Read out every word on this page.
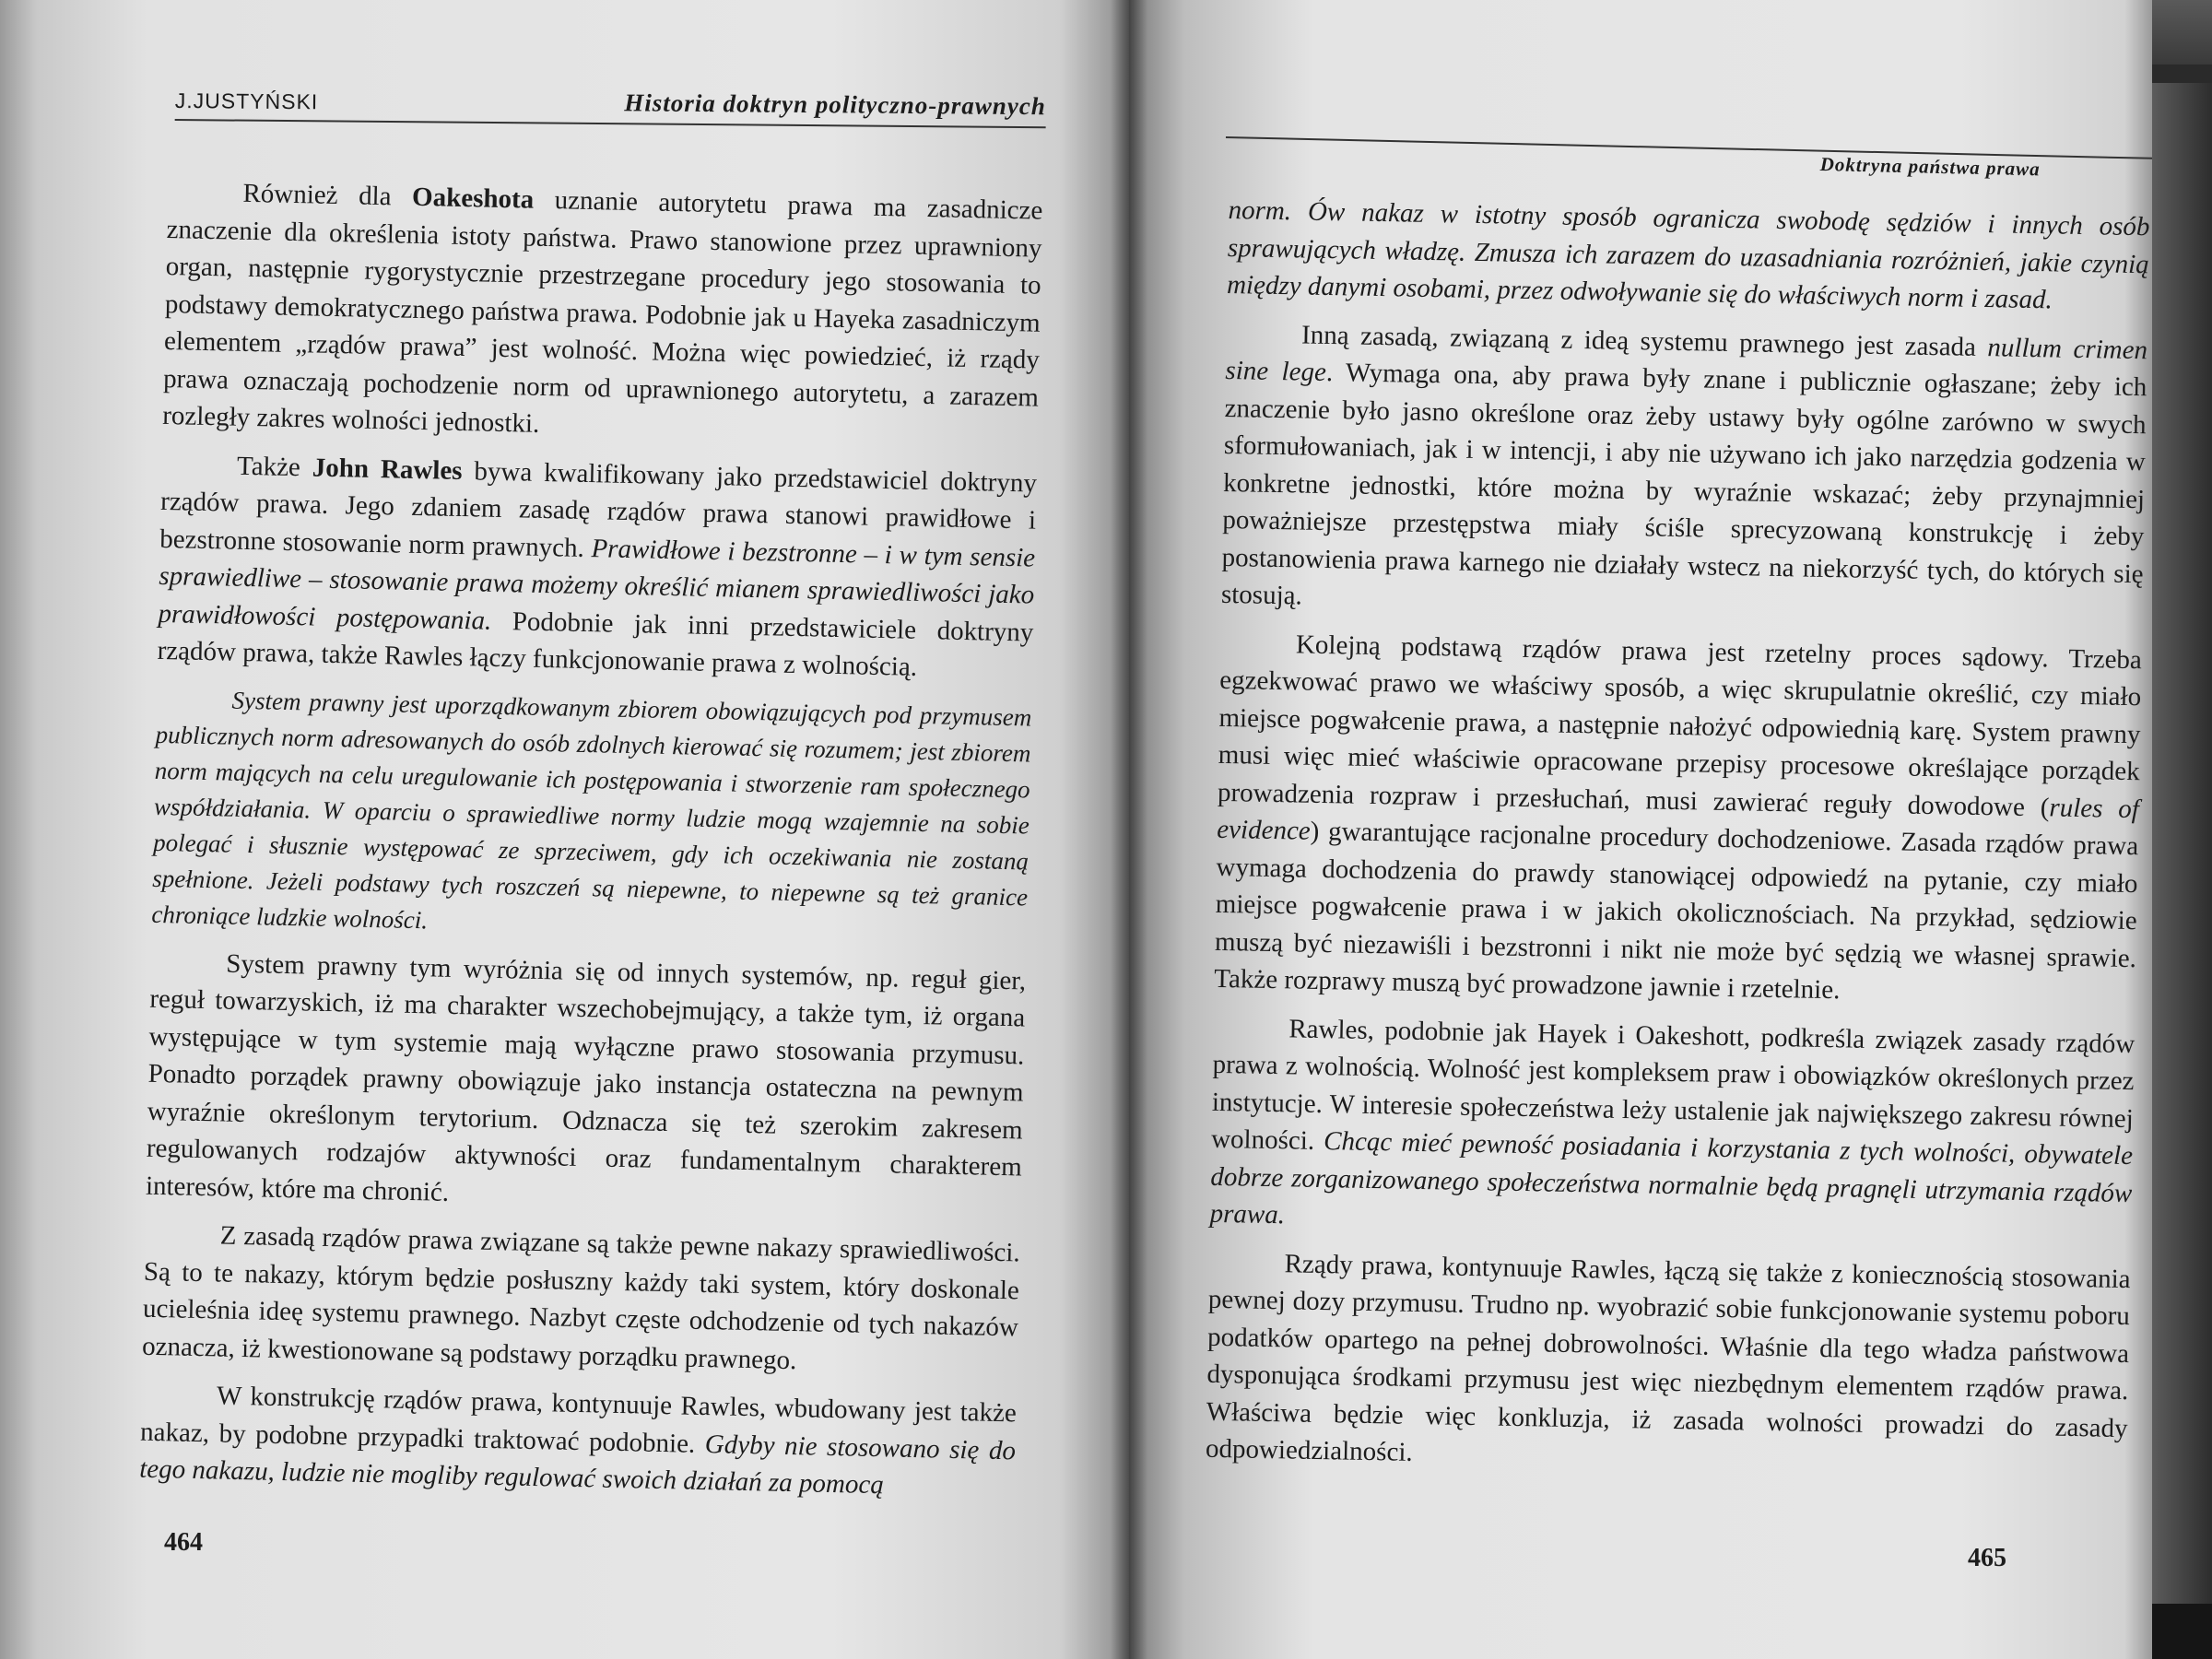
J.JUSTYŃSKI	Historia doktryn polityczno-prawnych

Również dla Oakeshota uznanie autorytetu prawa ma zasadnicze znaczenie dla określenia istoty państwa. Prawo stanowione przez uprawniony organ, następnie rygorystycznie przestrzegane procedury jego stosowania to podstawy demokratycznego państwa prawa. Podobnie jak u Hayeka zasadniczym elementem „rządów prawa” jest wolność. Można więc powiedzieć, iż rządy prawa oznaczają pochodzenie norm od uprawnionego autorytetu, a zarazem rozległy zakres wolności jednostki.

Także John Rawles bywa kwalifikowany jako przedstawiciel doktryny rządów prawa. Jego zdaniem zasadę rządów prawa stanowi prawidłowe i bezstronne stosowanie norm prawnych. Prawidłowe i bezstronne – i w tym sensie sprawiedliwe – stosowanie prawa możemy określić mianem sprawiedliwości jako prawidłowości postępowania. Podobnie jak inni przedstawiciele doktryny rządów prawa, także Rawles łączy funkcjonowanie prawa z wolnością.

System prawny jest uporządkowanym zbiorem obowiązujących pod przymusem publicznych norm adresowanych do osób zdolnych kierować się rozumem; jest zbiorem norm mających na celu uregulowanie ich postępowania i stworzenie ram społecznego współdziałania. W oparciu o sprawiedliwe normy ludzie mogą wzajemnie na sobie polegać i słusznie występować ze sprzeciwem, gdy ich oczekiwania nie zostaną spełnione. Jeżeli podstawy tych roszczeń są niepewne, to niepewne są też granice chroniące ludzkie wolności.

System prawny tym wyróżnia się od innych systemów, np. reguł gier, reguł towarzyskich, iż ma charakter wszechobejmujący, a także tym, iż organa występujące w tym systemie mają wyłączne prawo stosowania przymusu. Ponadto porządek prawny obowiązuje jako instancja ostateczna na pewnym wyraźnie określonym terytorium. Odznacza się też szerokim zakresem regulowanych rodzajów aktywności oraz fundamentalnym charakterem interesów, które ma chronić.

Z zasadą rządów prawa związane są także pewne nakazy sprawiedliwości. Są to te nakazy, którym będzie posłuszny każdy taki system, który doskonale ucieleśnia ideę systemu prawnego. Nazbyt częste odchodzenie od tych nakazów oznacza, iż kwestionowane są podstawy porządku prawnego.

W konstrukcję rządów prawa, kontynuuje Rawles, wbudowany jest także nakaz, by podobne przypadki traktować podobnie. Gdyby nie stosowano się do tego nakazu, ludzie nie mogliby regulować swoich działań za pomocą

464
Doktryna państwa prawa

norm. Ów nakaz w istotny sposób ogranicza swobodę sędziów i innych osób sprawujących władzę. Zmusza ich zarazem do uzasadniania rozróżnień, jakie czynią między danymi osobami, przez odwoływanie się do właściwych norm i zasad.

Inną zasadą, związaną z ideą systemu prawnego jest zasada nullum crimen sine lege. Wymaga ona, aby prawa były znane i publicznie ogłaszane; żeby ich znaczenie było jasno określone oraz żeby ustawy były ogólne zarówno w swych sformułowaniach, jak i w intencji, i aby nie używano ich jako narzędzia godzenia w konkretne jednostki, które można by wyraźnie wskazać; żeby przynajmniej poważniejsze przestępstwa miały ściśle sprecyzowaną konstrukcję i żeby postanowienia prawa karnego nie działały wstecz na niekorzyść tych, do których się stosują.

Kolejną podstawą rządów prawa jest rzetelny proces sądowy. Trzeba egzekwować prawo we właściwy sposób, a więc skrupulatnie określić, czy miało miejsce pogwałcenie prawa, a następnie nałożyć odpowiednią karę. System prawny musi więc mieć właściwie opracowane przepisy procesowe określające porządek prowadzenia rozpraw i przesłuchań, musi zawierać reguły dowodowe (rules of evidence) gwarantujące racjonalne procedury dochodzeniowe. Zasada rządów prawa wymaga dochodzenia do prawdy stanowiącej odpowiedź na pytanie, czy miało miejsce pogwałcenie prawa i w jakich okolicznościach. Na przykład, sędziowie muszą być niezawiśli i bezstronni i nikt nie może być sędzią we własnej sprawie. Także rozprawy muszą być prowadzone jawnie i rzetelnie.

Rawles, podobnie jak Hayek i Oakeshott, podkreśla związek zasady rządów prawa z wolnością. Wolność jest kompleksem praw i obowiązków określonych przez instytucje. W interesie społeczeństwa leży ustalenie jak największego zakresu równej wolności. Chcąc mieć pewność posiadania i korzystania z tych wolności, obywatele dobrze zorganizowanego społeczeństwa normalnie będą pragnęli utrzymania rządów prawa.

Rządy prawa, kontynuuje Rawles, łączą się także z koniecznością stosowania pewnej dozy przymusu. Trudno np. wyobrazić sobie funkcjonowanie systemu poboru podatków opartego na pełnej dobrowolności. Właśnie dla tego władza państwowa dysponująca środkami przymusu jest więc niezbędnym elementem rządów prawa. Właściwa będzie więc konkluzja, iż zasada wolności prowadzi do zasady odpowiedzialności.

465
